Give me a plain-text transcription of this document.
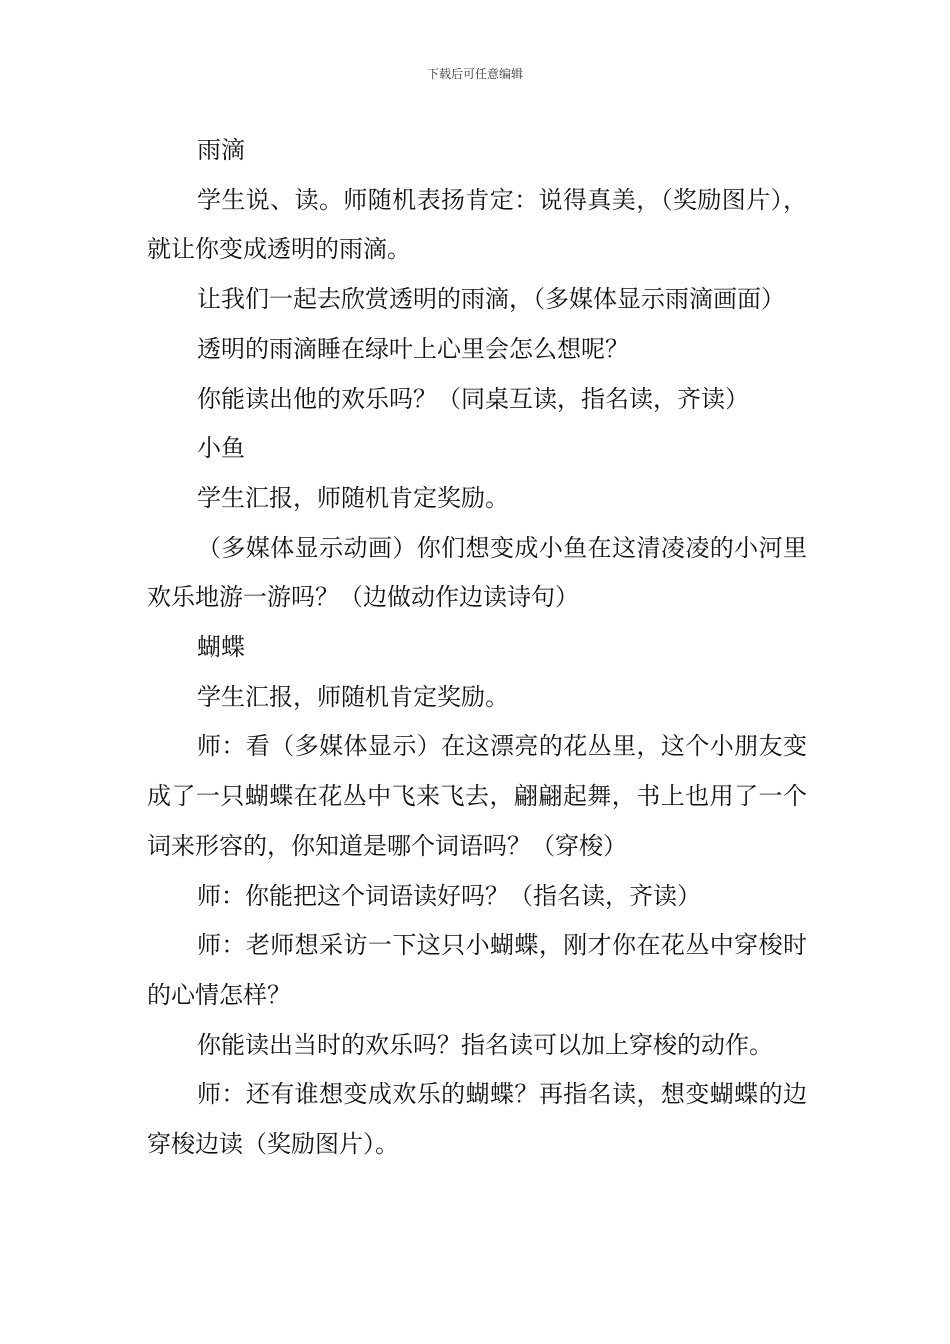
下载后可任意编辑

雨滴

学生说、读。师随机表扬肯定：说得真美，（奖励图片），就让你变成透明的雨滴。

让我们一起去欣赏透明的雨滴，（多媒体显示雨滴画面）

透明的雨滴睡在绿叶上心里会怎么想呢？

你能读出他的欢乐吗？（同桌互读，指名读，齐读）

小鱼

学生汇报，师随机肯定奖励。

（多媒体显示动画）你们想变成小鱼在这清凌凌的小河里欢乐地游一游吗？（边做动作边读诗句）

蝴蝶

学生汇报，师随机肯定奖励。

师：看（多媒体显示）在这漂亮的花丛里，这个小朋友变成了一只蝴蝶在花丛中飞来飞去，翩翩起舞，书上也用了一个词来形容的，你知道是哪个词语吗？（穿梭）

师：你能把这个词语读好吗？（指名读，齐读）

师：老师想采访一下这只小蝴蝶，刚才你在花丛中穿梭时的心情怎样？

你能读出当时的欢乐吗？指名读可以加上穿梭的动作。

师：还有谁想变成欢乐的蝴蝶？再指名读，想变蝴蝶的边穿梭边读（奖励图片）。
